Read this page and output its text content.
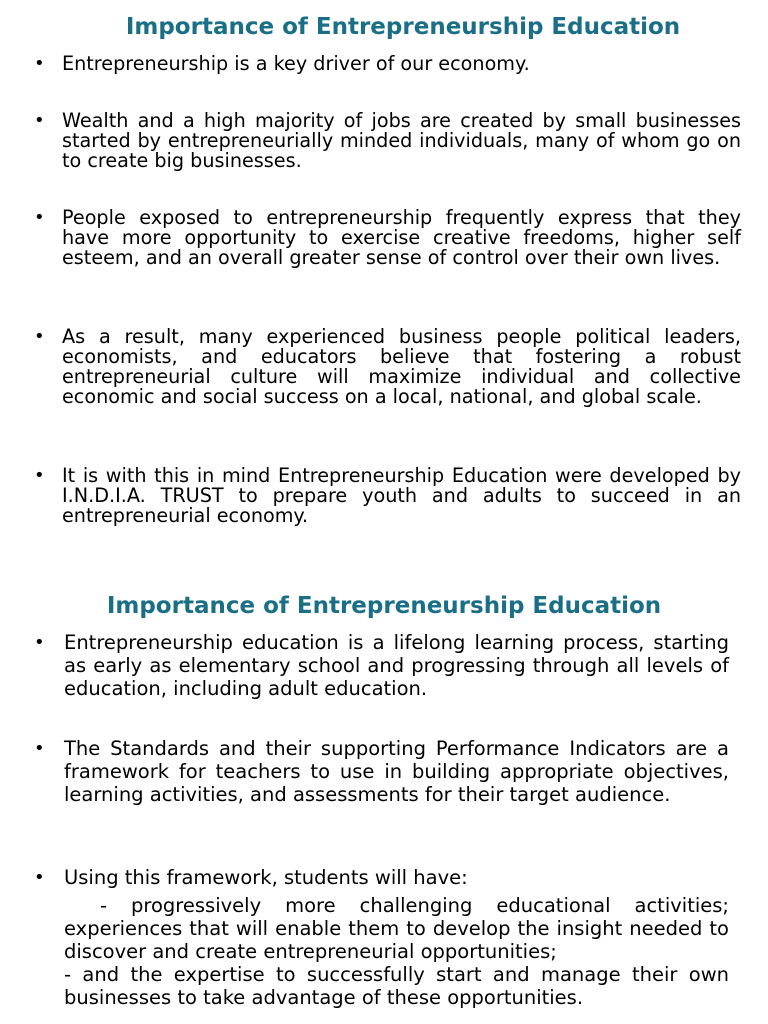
Importance of Entrepreneurship Education
• Entrepreneurship is a key driver of our economy.
• Wealth and a high majority of jobs are created by small businesses started by entrepreneurially minded individuals, many of whom go on to create big businesses.
• People exposed to entrepreneurship frequently express that they have more opportunity to exercise creative freedoms, higher self esteem, and an overall greater sense of control over their own lives.
• As a result, many experienced business people political leaders, economists, and educators believe that fostering a robust entrepreneurial culture will maximize individual and collective economic and social success on a local, national, and global scale.
• It is with this in mind Entrepreneurship Education were developed by I.N.D.I.A. TRUST to prepare youth and adults to succeed in an entrepreneurial economy.
Importance of Entrepreneurship Education
• Entrepreneurship education is a lifelong learning process, starting as early as elementary school and progressing through all levels of education, including adult education.
• The Standards and their supporting Performance Indicators are a framework for teachers to use in building appropriate objectives, learning activities, and assessments for their target audience.
• Using this framework, students will have:
- progressively more challenging educational activities; experiences that will enable them to develop the insight needed to discover and create entrepreneurial opportunities;
- and the expertise to successfully start and manage their own businesses to take advantage of these opportunities.
